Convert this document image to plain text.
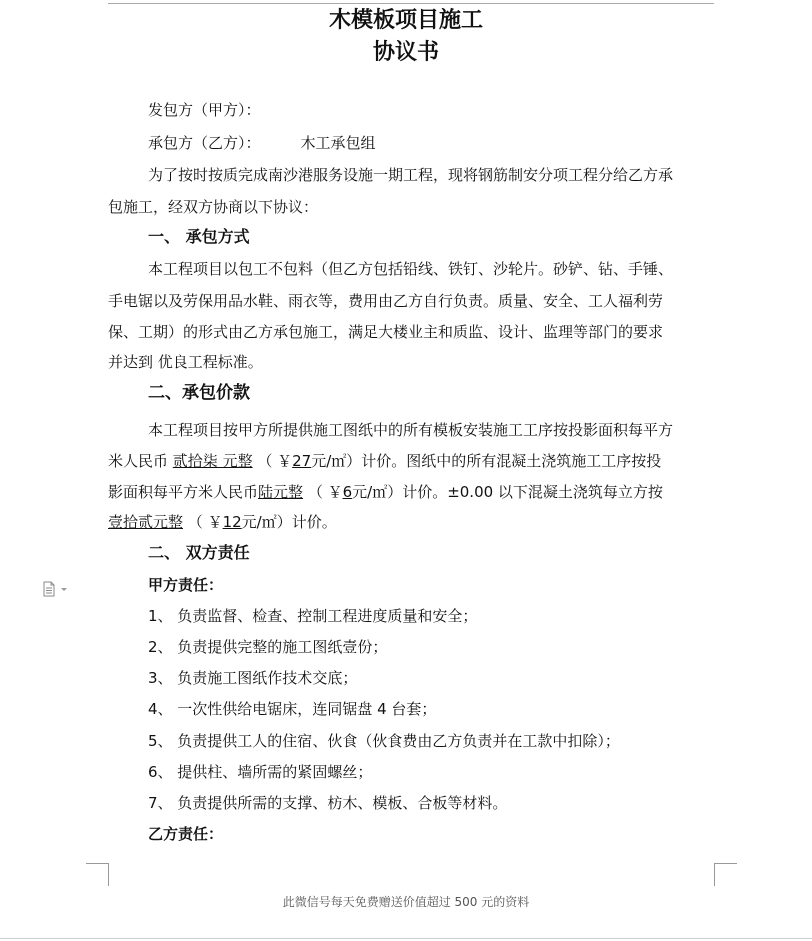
木模板项目施工
协议书
发包方（甲方）：
承包方（乙方）：	木工承包组
为了按时按质完成南沙港服务设施一期工程，现将钢筋制安分项工程分给乙方承
包施工，经双方协商以下协议：
一、 承包方式
本工程项目以包工不包料（但乙方包括铅线、铁钉、沙轮片。砂铲、钻、手锤、
手电锯以及劳保用品水鞋、雨衣等，费用由乙方自行负责。质量、安全、工人福利劳
保、工期）的形式由乙方承包施工，满足大楼业主和质监、设计、监理等部门的要求
并达到 优良工程标准。
二、承包价款
本工程项目按甲方所提供施工图纸中的所有模板安装施工工序按投影面积每平方
米人民币 贰拾柒 元整 （ ￥27元/㎡）计价。图纸中的所有混凝土浇筑施工工序按投
影面积每平方米人民币陆元整 （ ￥6元/㎡）计价。±0.00 以下混凝土浇筑每立方按
壹拾贰元整 （ ￥12元/㎡）计价。
二、 双方责任
甲方责任：
1、 负责监督、检查、控制工程进度质量和安全；
2、 负责提供完整的施工图纸壹份；
3、 负责施工图纸作技术交底；
4、 一次性供给电锯床，连同锯盘 4 台套；
5、 负责提供工人的住宿、伙食（伙食费由乙方负责并在工款中扣除）；
6、 提供柱、墙所需的紧固螺丝；
7、 负责提供所需的支撑、枋木、模板、合板等材料。
乙方责任：
此微信号每天免费赠送价值超过 500 元的资料
